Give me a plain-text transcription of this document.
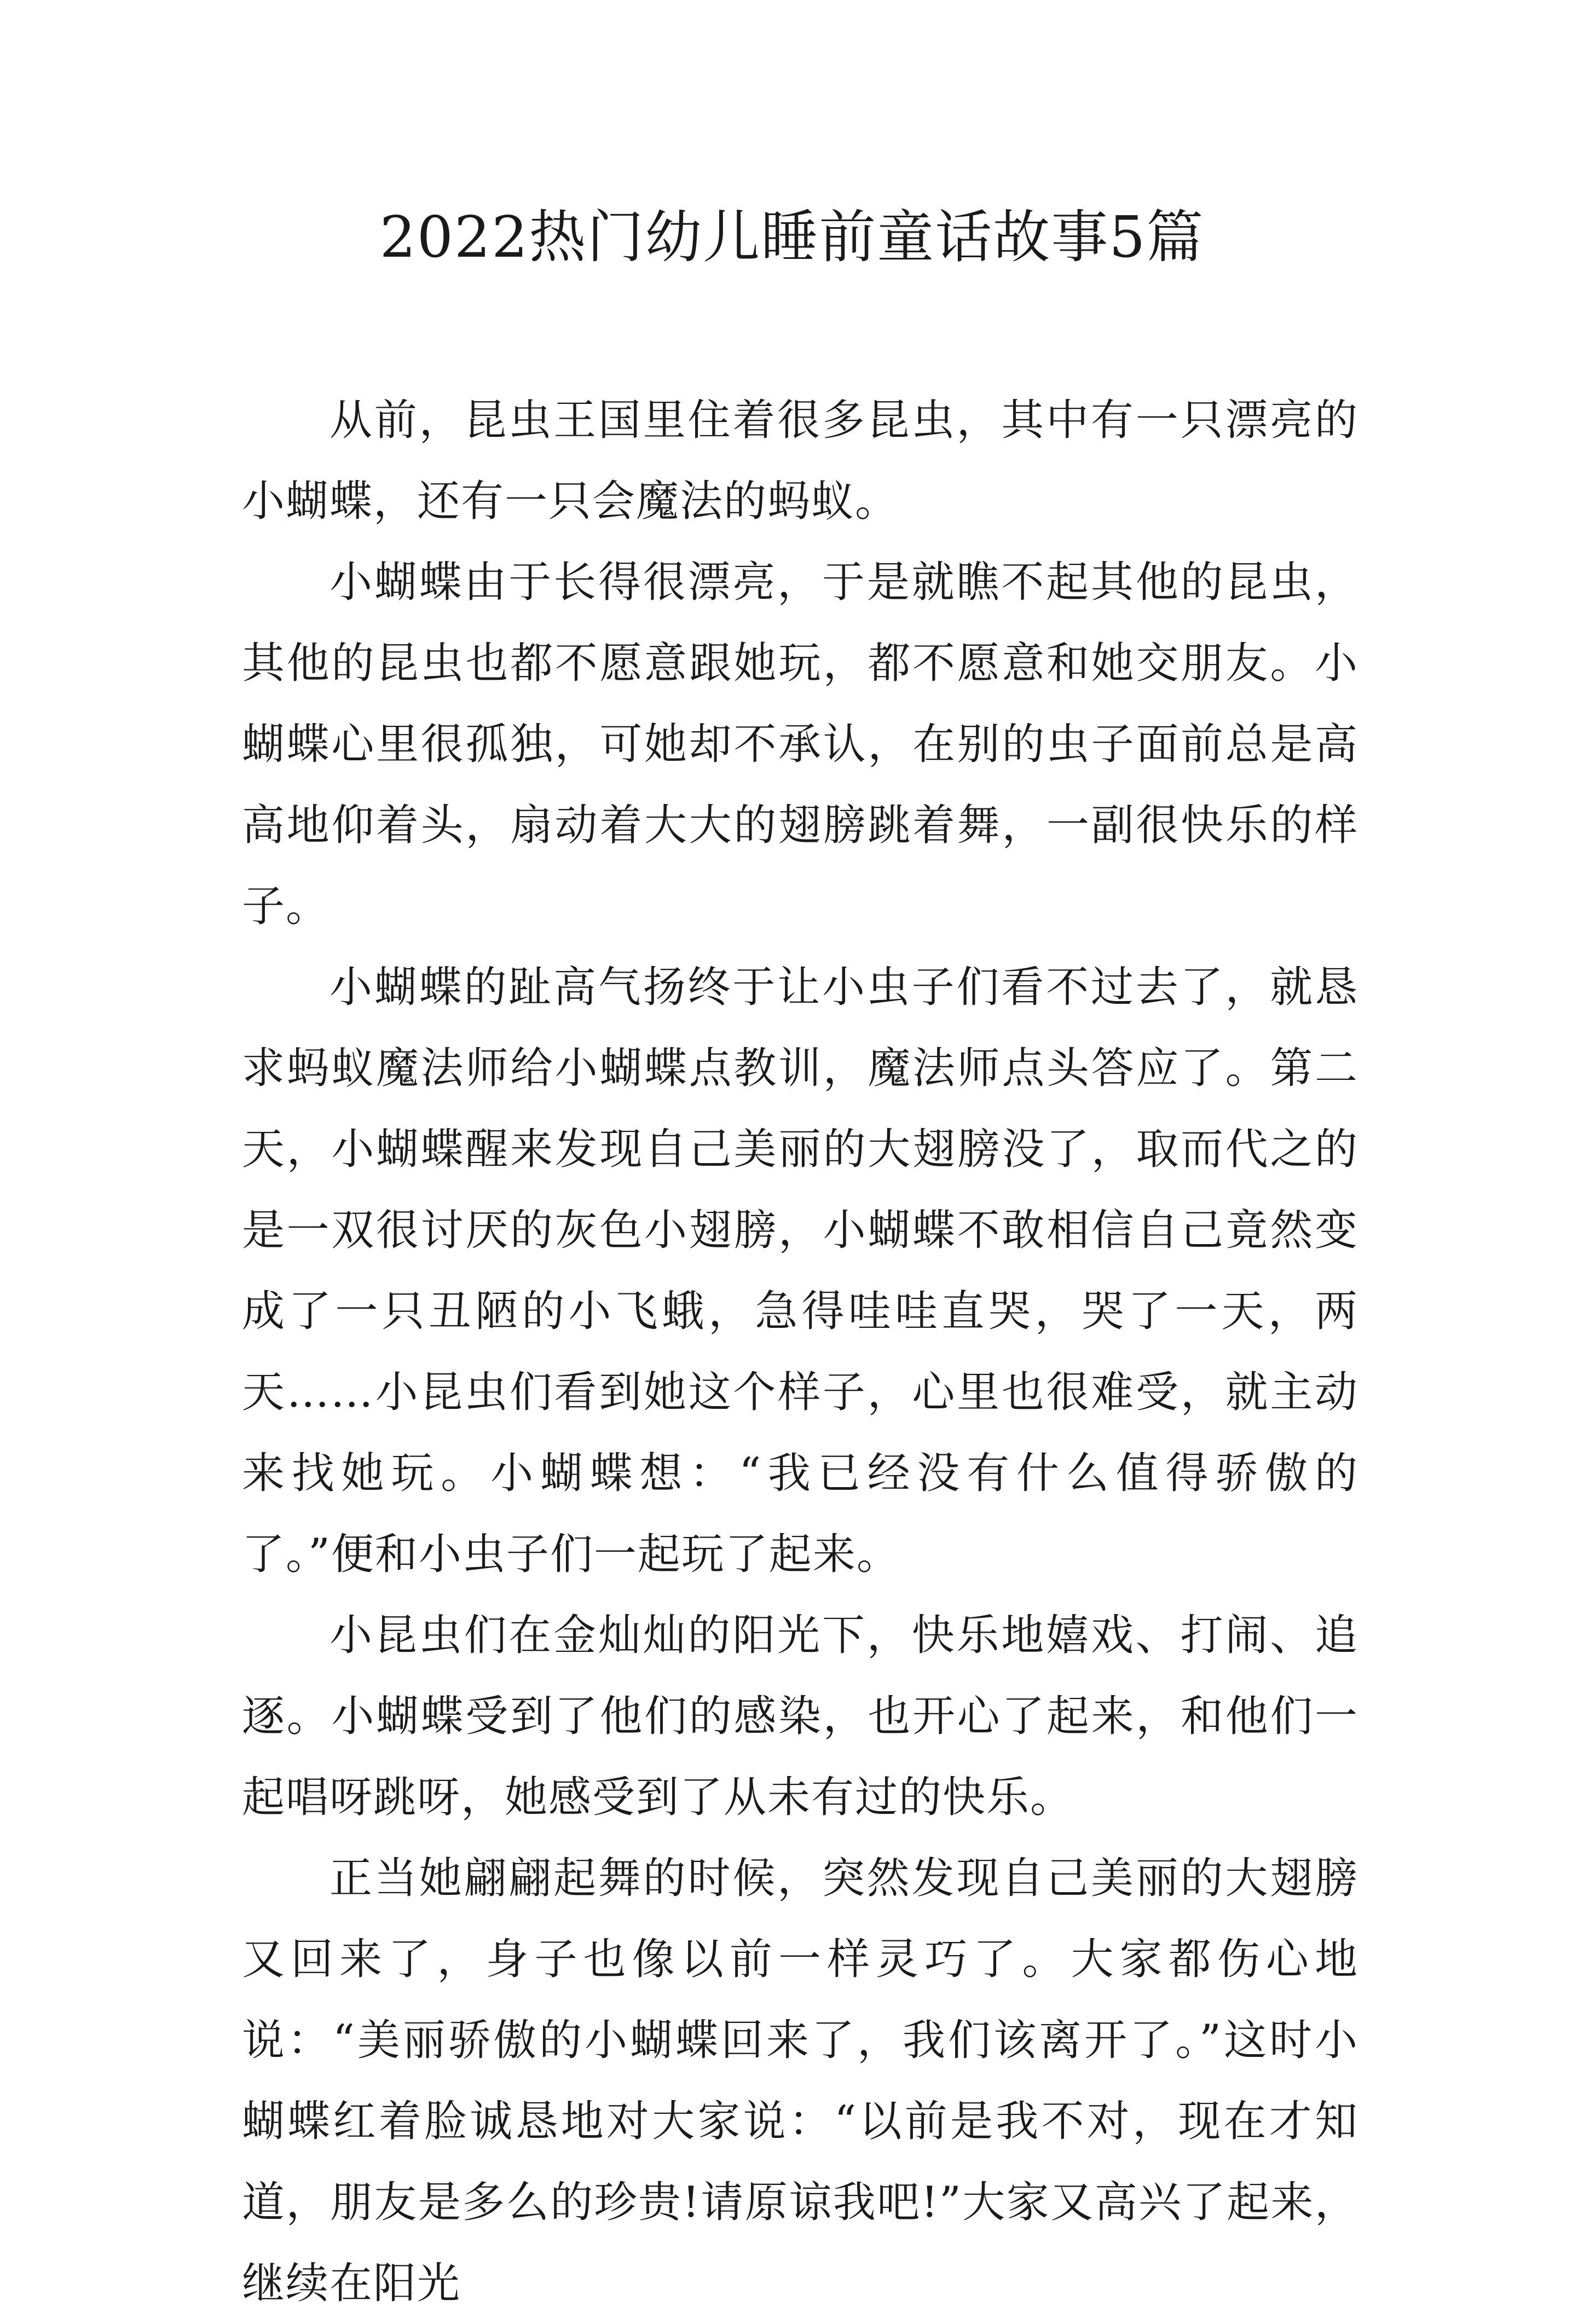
2022热门幼儿睡前童话故事5篇

从前，昆虫王国里住着很多昆虫，其中有一只漂亮的小蝴蝶，还有一只会魔法的蚂蚁。

小蝴蝶由于长得很漂亮，于是就瞧不起其他的昆虫，其他的昆虫也都不愿意跟她玩，都不愿意和她交朋友。小蝴蝶心里很孤独，可她却不承认，在别的虫子面前总是高高地仰着头，扇动着大大的翅膀跳着舞，一副很快乐的样子。

小蝴蝶的趾高气扬终于让小虫子们看不过去了，就恳求蚂蚁魔法师给小蝴蝶点教训，魔法师点头答应了。第二天，小蝴蝶醒来发现自己美丽的大翅膀没了，取而代之的是一双很讨厌的灰色小翅膀，小蝴蝶不敢相信自己竟然变成了一只丑陋的小飞蛾，急得哇哇直哭，哭了一天，两天……小昆虫们看到她这个样子，心里也很难受，就主动来找她玩。小蝴蝶想：“我已经没有什么值得骄傲的了。”便和小虫子们一起玩了起来。

小昆虫们在金灿灿的阳光下，快乐地嬉戏、打闹、追逐。小蝴蝶受到了他们的感染，也开心了起来，和他们一起唱呀跳呀，她感受到了从未有过的快乐。

正当她翩翩起舞的时候，突然发现自己美丽的大翅膀又回来了，身子也像以前一样灵巧了。大家都伤心地说：“美丽骄傲的小蝴蝶回来了，我们该离开了。”这时小蝴蝶红着脸诚恳地对大家说：“以前是我不对，现在才知道，朋友是多么的珍贵!请原谅我吧!”大家又高兴了起来，继续在阳光
